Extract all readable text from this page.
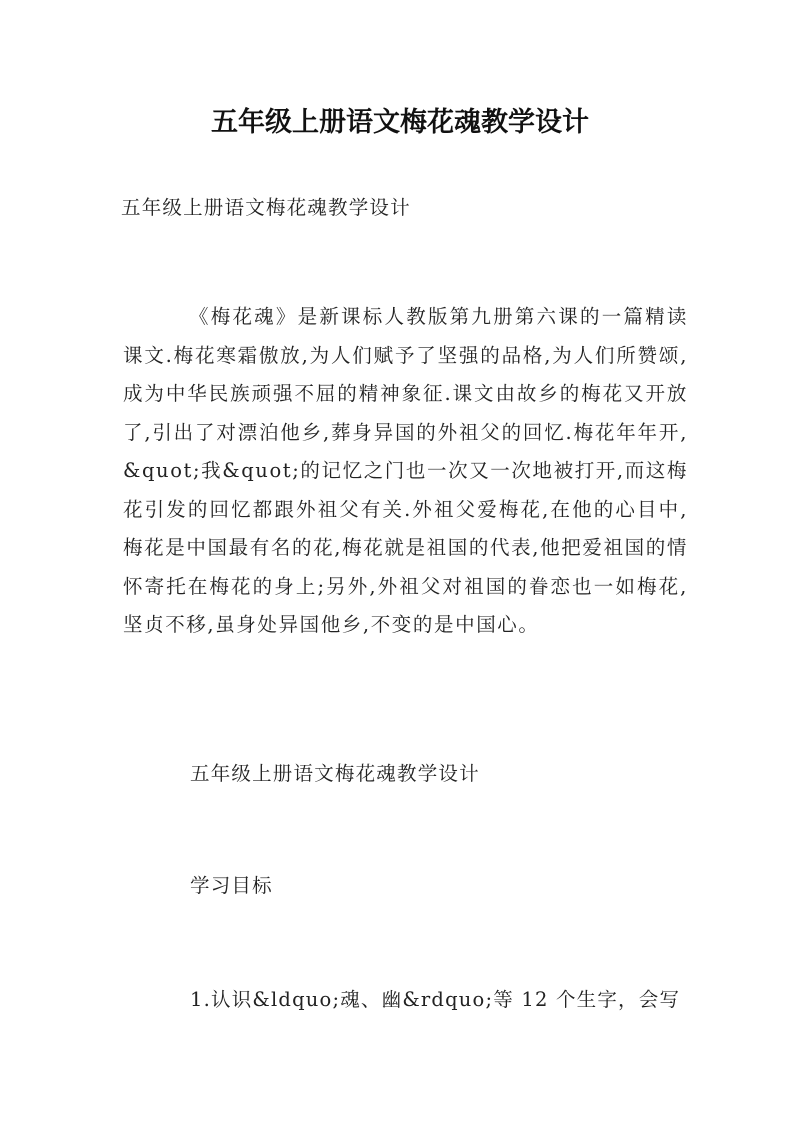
五年级上册语文梅花魂教学设计
五年级上册语文梅花魂教学设计
《梅花魂》是新课标人教版第九册第六课的一篇精读课文.梅花寒霜傲放,为人们赋予了坚强的品格,为人们所赞颂,成为中华民族顽强不屈的精神象征.课文由故乡的梅花又开放了,引出了对漂泊他乡,葬身异国的外祖父的回忆.梅花年年开,&quot;我&quot;的记忆之门也一次又一次地被打开,而这梅花引发的回忆都跟外祖父有关.外祖父爱梅花,在他的心目中,梅花是中国最有名的花,梅花就是祖国的代表,他把爱祖国的情怀寄托在梅花的身上;另外,外祖父对祖国的眷恋也一如梅花,坚贞不移,虽身处异国他乡,不变的是中国心。
五年级上册语文梅花魂教学设计
学习目标
1.认识&ldquo;魂、幽&rdquo;等 12 个生字，会写
